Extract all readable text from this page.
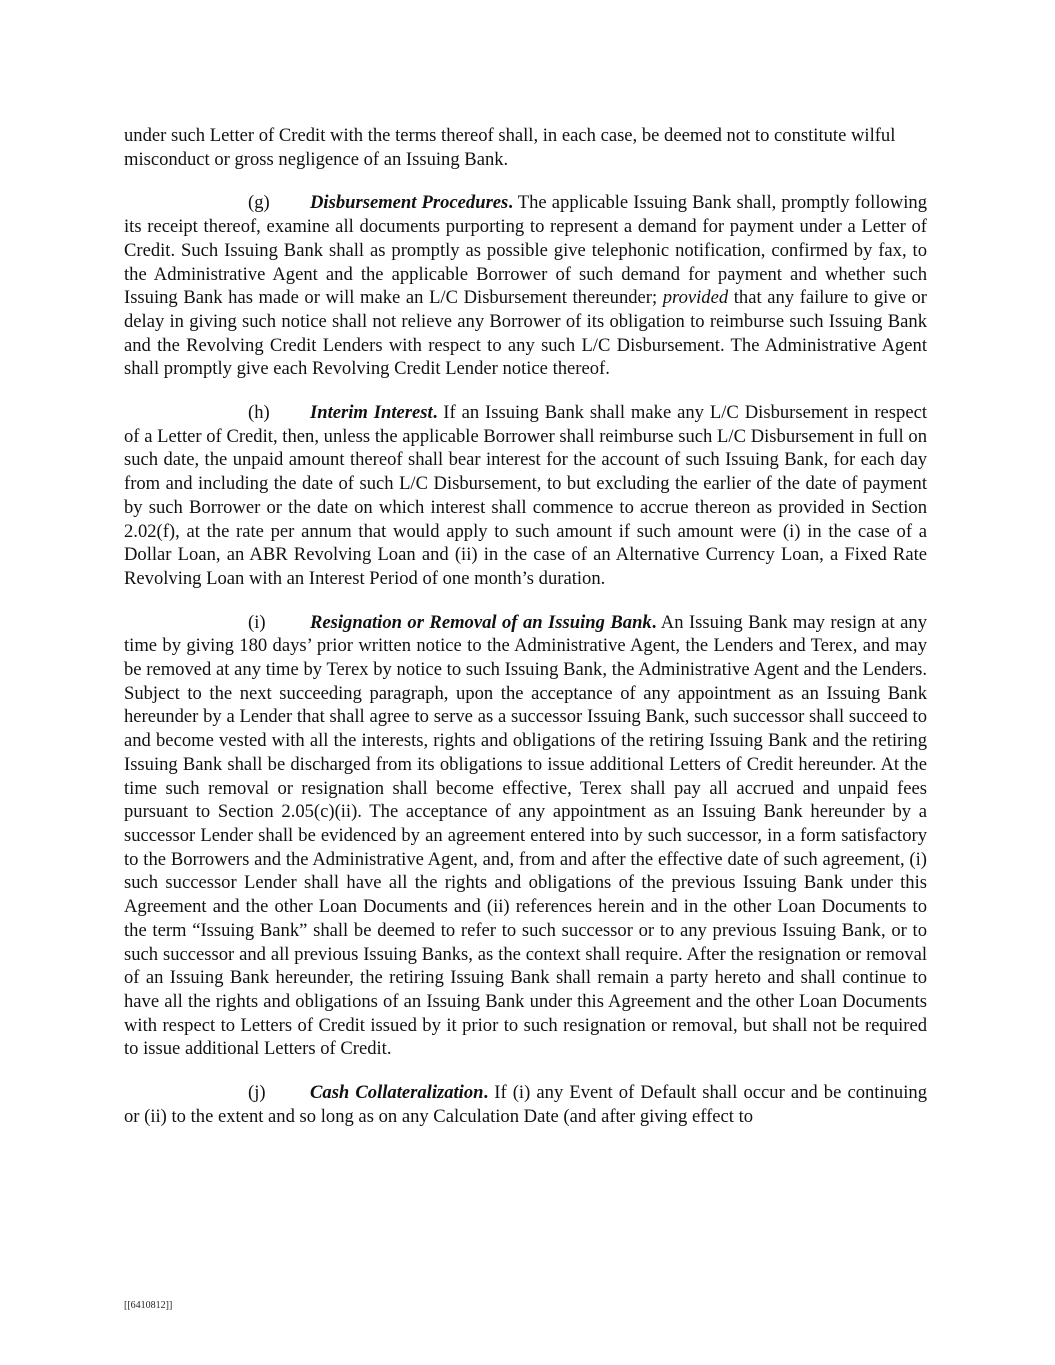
under such Letter of Credit with the terms thereof shall, in each case, be deemed not to constitute wilful misconduct or gross negligence of an Issuing Bank.

(g) Disbursement Procedures. The applicable Issuing Bank shall, promptly following its receipt thereof, examine all documents purporting to represent a demand for payment under a Letter of Credit. Such Issuing Bank shall as promptly as possible give telephonic notification, confirmed by fax, to the Administrative Agent and the applicable Borrower of such demand for payment and whether such Issuing Bank has made or will make an L/C Disbursement thereunder; provided that any failure to give or delay in giving such notice shall not relieve any Borrower of its obligation to reimburse such Issuing Bank and the Revolving Credit Lenders with respect to any such L/C Disbursement. The Administrative Agent shall promptly give each Revolving Credit Lender notice thereof.

(h) Interim Interest. If an Issuing Bank shall make any L/C Disbursement in respect of a Letter of Credit, then, unless the applicable Borrower shall reimburse such L/C Disbursement in full on such date, the unpaid amount thereof shall bear interest for the account of such Issuing Bank, for each day from and including the date of such L/C Disbursement, to but excluding the earlier of the date of payment by such Borrower or the date on which interest shall commence to accrue thereon as provided in Section 2.02(f), at the rate per annum that would apply to such amount if such amount were (i) in the case of a Dollar Loan, an ABR Revolving Loan and (ii) in the case of an Alternative Currency Loan, a Fixed Rate Revolving Loan with an Interest Period of one month’s duration.

(i) Resignation or Removal of an Issuing Bank. An Issuing Bank may resign at any time by giving 180 days’ prior written notice to the Administrative Agent, the Lenders and Terex, and may be removed at any time by Terex by notice to such Issuing Bank, the Administrative Agent and the Lenders. Subject to the next succeeding paragraph, upon the acceptance of any appointment as an Issuing Bank hereunder by a Lender that shall agree to serve as a successor Issuing Bank, such successor shall succeed to and become vested with all the interests, rights and obligations of the retiring Issuing Bank and the retiring Issuing Bank shall be discharged from its obligations to issue additional Letters of Credit hereunder. At the time such removal or resignation shall become effective, Terex shall pay all accrued and unpaid fees pursuant to Section 2.05(c)(ii). The acceptance of any appointment as an Issuing Bank hereunder by a successor Lender shall be evidenced by an agreement entered into by such successor, in a form satisfactory to the Borrowers and the Administrative Agent, and, from and after the effective date of such agreement, (i) such successor Lender shall have all the rights and obligations of the previous Issuing Bank under this Agreement and the other Loan Documents and (ii) references herein and in the other Loan Documents to the term “Issuing Bank” shall be deemed to refer to such successor or to any previous Issuing Bank, or to such successor and all previous Issuing Banks, as the context shall require. After the resignation or removal of an Issuing Bank hereunder, the retiring Issuing Bank shall remain a party hereto and shall continue to have all the rights and obligations of an Issuing Bank under this Agreement and the other Loan Documents with respect to Letters of Credit issued by it prior to such resignation or removal, but shall not be required to issue additional Letters of Credit.

(j) Cash Collateralization. If (i) any Event of Default shall occur and be continuing or (ii) to the extent and so long as on any Calculation Date (and after giving effect to

[[6410812]]
